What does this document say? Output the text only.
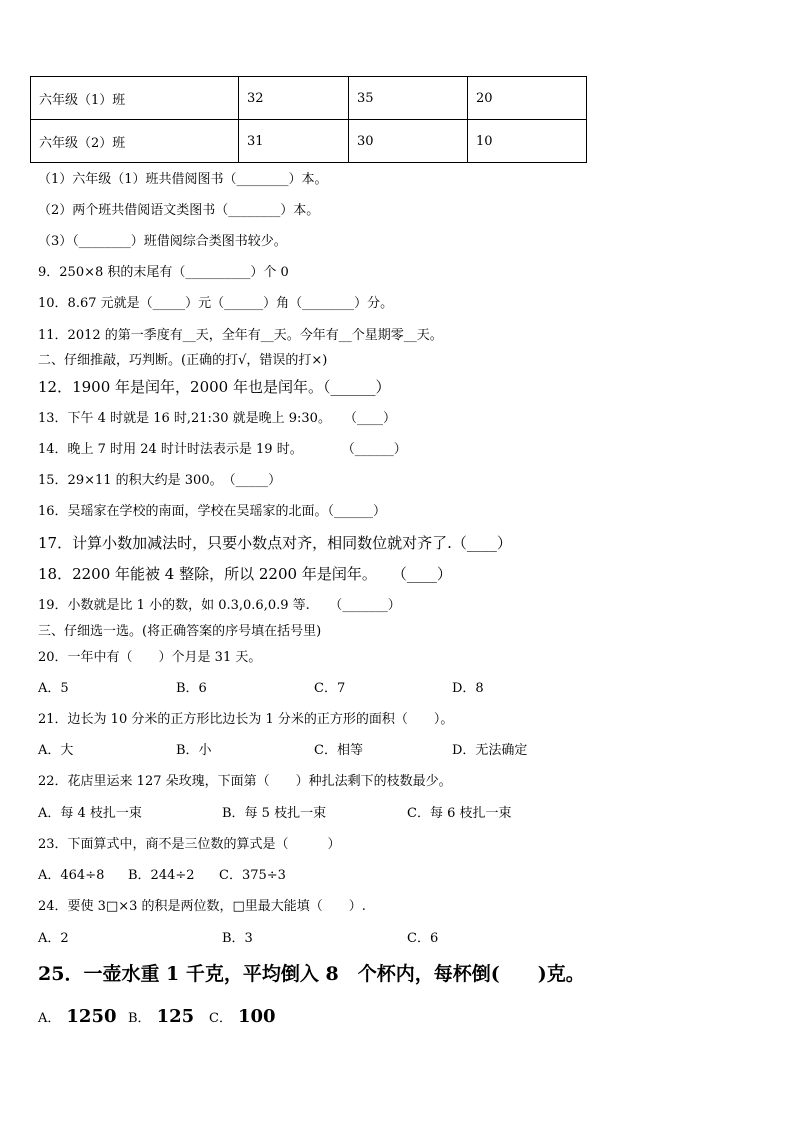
六年级（1）班	32	35	20
六年级（2）班	31	30	10
（1）六年级（1）班共借阅图书（________）本。
（2）两个班共借阅语文类图书（________）本。
（3）（________）班借阅综合类图书较少。
9．250×8 积的末尾有（__________）个 0
10．8.67 元就是（_____）元（______）角（________）分。
11．2012 的第一季度有__天，全年有__天。今年有__个星期零__天。
二、仔细推敲，巧判断。(正确的打√，错误的打×)
12．1900 年是闰年，2000 年也是闰年。（______）
13．下午 4 时就是 16 时,21:30 就是晚上 9:30。　　（____）
14．晚上 7 时用 24 时计时法表示是 19 时。　　　　（______）
15．29×11 的积大约是 300。　（_____）
16．吴瑶家在学校的南面，学校在吴瑶家的北面。（______）
17．计算小数加减法时，只要小数点对齐，相同数位就对齐了.（____）
18．2200 年能被 4 整除，所以 2200 年是闰年。　　（____）
19．小数就是比 1 小的数，如 0.3,0.6,0.9 等.　　（_______）
三、仔细选一选。(将正确答案的序号填在括号里)
20．一年中有（　　）个月是 31 天。
A．5	B．6	C．7	D．8
21．边长为 10 分米的正方形比边长为 1 分米的正方形的面积（　　）。
A．大	B．小	C．相等	D．无法确定
22．花店里运来 127 朵玫瑰，下面第（　　）种扎法剩下的枝数最少。
A．每 4 枝扎一束	B．每 5 枝扎一束	C．每 6 枝扎一束
23．下面算式中，商不是三位数的算式是（　　　）
A．464÷8 B．244÷2 C．375÷3
24．要使 3□×3 的积是两位数，□里最大能填（　　）.
A．2	B．3	C．6
25．一壶水重 1 千克，平均倒入 8　个杯内，每杯倒(　　)克。
A． 1250 B． 125 C． 100
